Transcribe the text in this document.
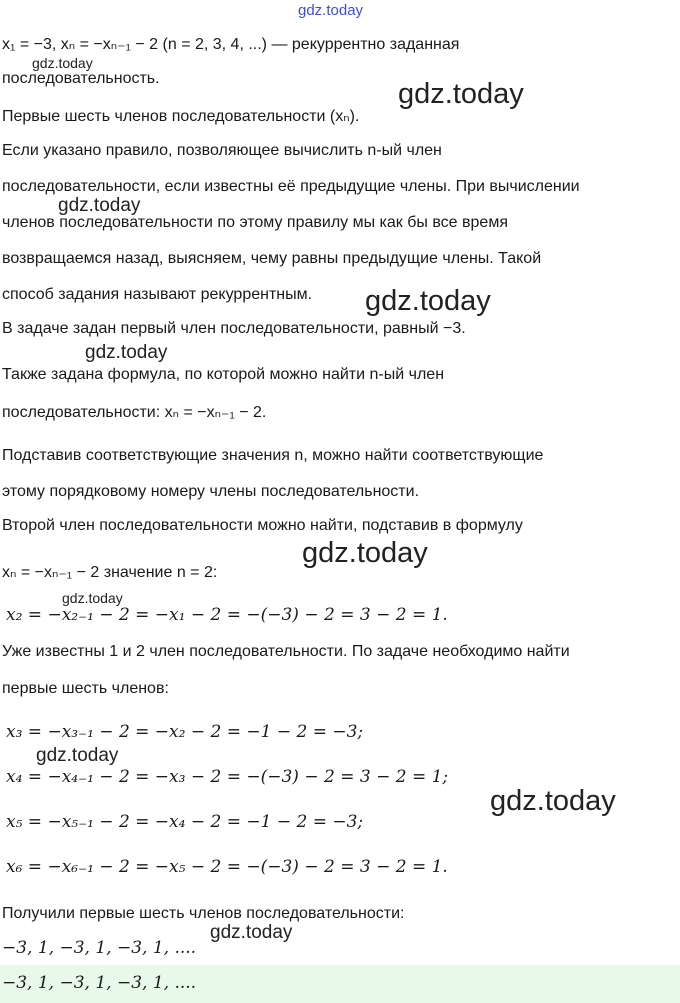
gdz.today
x₁ = −3, xₙ = −xₙ₋₁ − 2 (n = 2, 3, 4, ...) — рекуррентно заданная
последовательность.
Первые шесть членов последовательности (xₙ).
Если указано правило, позволяющее вычислить n-ый член
последовательности, если известны её предыдущие члены. При вычислении
членов последовательности по этому правилу мы как бы все время
возвращаемся назад, выясняем, чему равны предыдущие члены. Такой
способ задания называют рекуррентным.
В задаче задан первый член последовательности, равный −3.
Также задана формула, по которой можно найти n-ый член
последовательности: xₙ = −xₙ₋₁ − 2.
Подставив соответствующие значения n, можно найти соответствующие
этому порядковому номеру члены последовательности.
Второй член последовательности можно найти, подставив в формулу
xₙ = −xₙ₋₁ − 2 значение n = 2:
x₂ = −x₂₋₁ − 2 = −x₁ − 2 = −(−3) − 2 = 3 − 2 = 1.
Уже известны 1 и 2 член последовательности. По задаче необходимо найти
первые шесть членов:
x₃ = −x₃₋₁ − 2 = −x₂ − 2 = −1 − 2 = −3;
x₄ = −x₄₋₁ − 2 = −x₃ − 2 = −(−3) − 2 = 3 − 2 = 1;
x₅ = −x₅₋₁ − 2 = −x₄ − 2 = −1 − 2 = −3;
x₆ = −x₆₋₁ − 2 = −x₅ − 2 = −(−3) − 2 = 3 − 2 = 1.
Получили первые шесть членов последовательности:
−3, 1, −3, 1, −3, 1, ....
−3, 1, −3, 1, −3, 1, ....
gdz.today
gdz.today
gdz.today
gdz.today
gdz.today
gdz.today
gdz.today
gdz.today
gdz.today
gdz.today
